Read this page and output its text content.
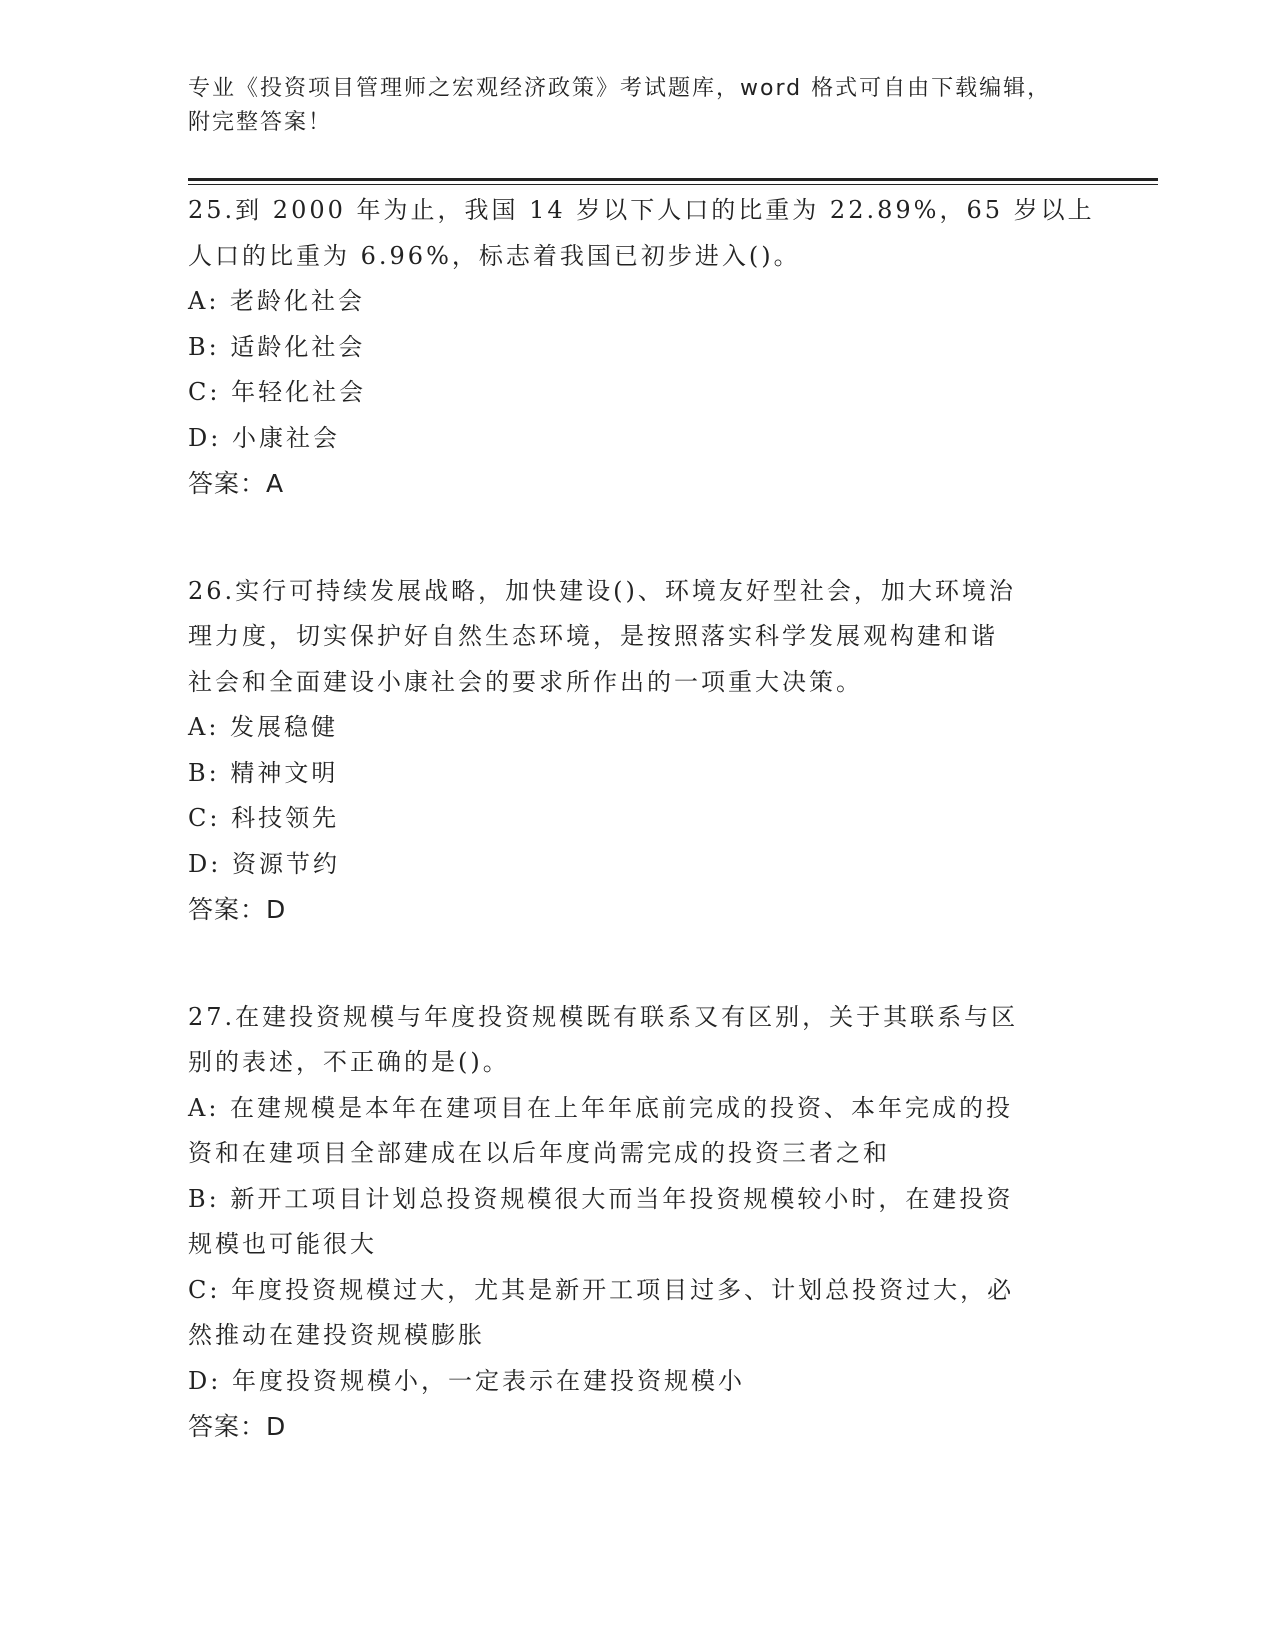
专业《投资项目管理师之宏观经济政策》考试题库，word 格式可自由下载编辑，
附完整答案！
25.到 2000 年为止，我国 14 岁以下人口的比重为 22.89%，65 岁以上
人口的比重为 6.96%，标志着我国已初步进入()。
A: 老龄化社会
B: 适龄化社会
C: 年轻化社会
D: 小康社会
答案：A
26.实行可持续发展战略，加快建设()、环境友好型社会，加大环境治
理力度，切实保护好自然生态环境，是按照落实科学发展观构建和谐
社会和全面建设小康社会的要求所作出的一项重大决策。
A: 发展稳健
B: 精神文明
C: 科技领先
D: 资源节约
答案：D
27.在建投资规模与年度投资规模既有联系又有区别，关于其联系与区
别的表述，不正确的是()。
A: 在建规模是本年在建项目在上年年底前完成的投资、本年完成的投
资和在建项目全部建成在以后年度尚需完成的投资三者之和
B: 新开工项目计划总投资规模很大而当年投资规模较小时，在建投资
规模也可能很大
C: 年度投资规模过大，尤其是新开工项目过多、计划总投资过大，必
然推动在建投资规模膨胀
D: 年度投资规模小，一定表示在建投资规模小
答案：D
